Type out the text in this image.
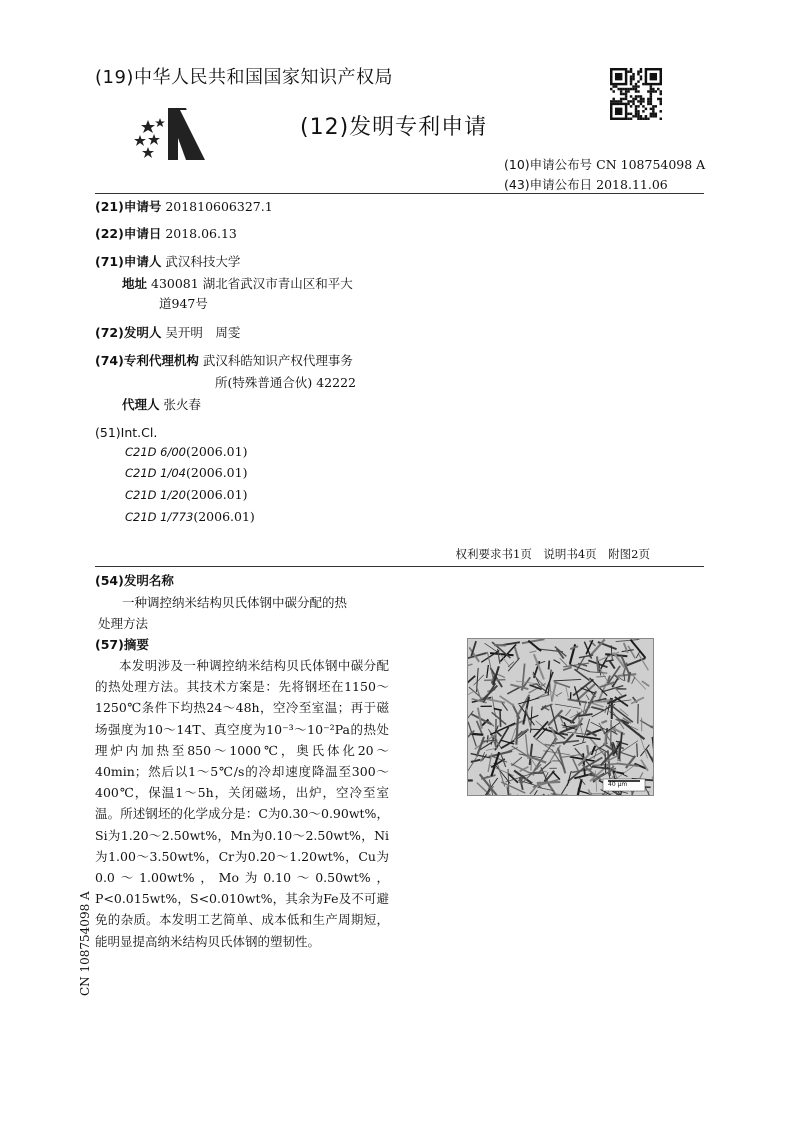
(19)中华人民共和国国家知识产权局
(12)发明专利申请
(10)申请公布号 CN 108754098 A
(43)申请公布日 2018.11.06
(21)申请号 201810606327.1
(22)申请日 2018.06.13
(71)申请人 武汉科技大学
地址 430081 湖北省武汉市青山区和平大
道947号
(72)发明人 吴开明　周雯
(74)专利代理机构 武汉科皓知识产权代理事务
所(特殊普通合伙) 42222
代理人 张火春
(51)Int.Cl.
C21D 6/00(2006.01)
C21D 1/04(2006.01)
C21D 1/20(2006.01)
C21D 1/773(2006.01)
权利要求书1页　说明书4页　附图2页
(54)发明名称
一种调控纳米结构贝氏体钢中碳分配的热
处理方法
(57)摘要
本发明涉及一种调控纳米结构贝氏体钢中碳分配的热处理方法。其技术方案是：先将钢坯在1150～1250℃条件下均热24～48h，空冷至室温；再于磁场强度为10～14T、真空度为10⁻³～10⁻²Pa的热处理炉内加热至850～1000℃，奥氏体化20～40min；然后以1～5℃/s的冷却速度降温至300～400℃，保温1～5h，关闭磁场，出炉，空冷至室温。所述钢坯的化学成分是：C为0.30～0.90wt%，Si为1.20～2.50wt%，Mn为0.10～2.50wt%，Ni为1.00～3.50wt%，Cr为0.20～1.20wt%，Cu为0.0～1.00wt%，Mo为0.10～0.50wt%，P<0.015wt%，S<0.010wt%，其余为Fe及不可避免的杂质。本发明工艺简单、成本低和生产周期短，能明显提高纳米结构贝氏体钢的塑韧性。
40 μm
CN 108754098 A
